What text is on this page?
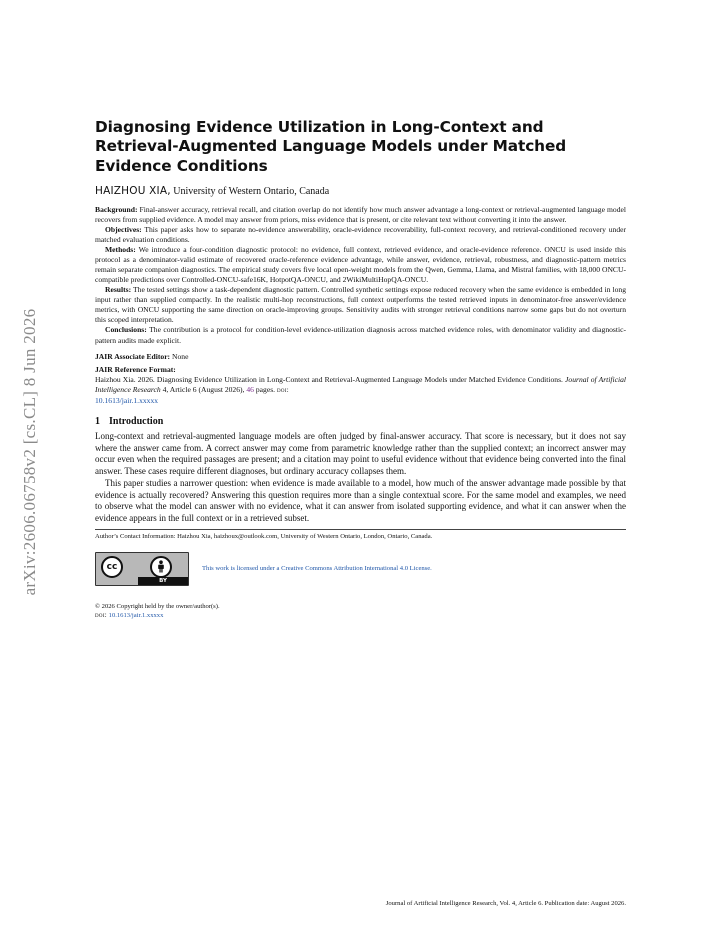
arXiv:2606.06758v2 [cs.CL] 8 Jun 2026
Diagnosing Evidence Utilization in Long-Context and Retrieval-Augmented Language Models under Matched Evidence Conditions
HAIZHOU XIA, University of Western Ontario, Canada

Background: Final-answer accuracy, retrieval recall, and citation overlap do not identify how much answer advantage a long-context or retrieval-augmented language model recovers from supplied evidence. A model may answer from priors, miss evidence that is present, or cite relevant text without converting it into the answer.

Objectives: This paper asks how to separate no-evidence answerability, oracle-evidence recoverability, full-context recovery, and retrieval-conditioned recovery under matched evaluation conditions.

Methods: We introduce a four-condition diagnostic protocol: no evidence, full context, retrieved evidence, and oracle-evidence reference. ONCU is used inside this protocol as a denominator-valid estimate of recovered oracle-reference evidence advantage, while answer, evidence, retrieval, robustness, and diagnostic-pattern metrics remain separate companion diagnostics. The empirical study covers five local open-weight models from the Qwen, Gemma, Llama, and Mistral families, with 18,000 ONCU-compatible predictions over Controlled-ONCU-safe16K, HotpotQA-ONCU, and 2WikiMultiHopQA-ONCU.

Results: The tested settings show a task-dependent diagnostic pattern. Controlled synthetic settings expose reduced recovery when the same evidence is embedded in long input rather than supplied compactly. In the realistic multi-hop reconstructions, full context outperforms the tested retrieved inputs in denominator-free answer/evidence metrics, with ONCU supporting the same direction on oracle-improving groups. Sensitivity audits with stronger retrieval conditions narrow some gaps but do not overturn this scoped interpretation.

Conclusions: The contribution is a protocol for condition-level evidence-utilization diagnosis across matched evidence roles, with denominator validity and diagnostic-pattern audits made explicit.

JAIR Associate Editor: None

JAIR Reference Format:
Haizhou Xia. 2026. Diagnosing Evidence Utilization in Long-Context and Retrieval-Augmented Language Models under Matched Evidence Conditions. Journal of Artificial Intelligence Research 4, Article 6 (August 2026), 46 pages. doi:
10.1613/jair.1.xxxxx

1 Introduction

Long-context and retrieval-augmented language models are often judged by final-answer accuracy. That score is necessary, but it does not say where the answer came from. A correct answer may come from parametric knowledge rather than the supplied context; an incorrect answer may occur even when the required passages are present; and a citation may point to useful evidence without that evidence being converted into the final answer. These cases require different diagnoses, but ordinary accuracy collapses them.

This paper studies a narrower question: when evidence is made available to a model, how much of the answer advantage made possible by that evidence is actually recovered? Answering this question requires more than a single contextual score. For the same model and examples, we need to observe what the model can answer with no evidence, what it can answer from isolated supporting evidence, and what it can answer when the evidence appears in the full context or in a retrieved subset.

Author’s Contact Information: Haizhou Xia, haizhoux@outlook.com, University of Western Ontario, London, Ontario, Canada.
cc
BY
This work is licensed under a Creative Commons Attribution International 4.0 License.
© 2026 Copyright held by the owner/author(s).
doi: 10.1613/jair.1.xxxxx
Journal of Artificial Intelligence Research, Vol. 4, Article 6. Publication date: August 2026.
